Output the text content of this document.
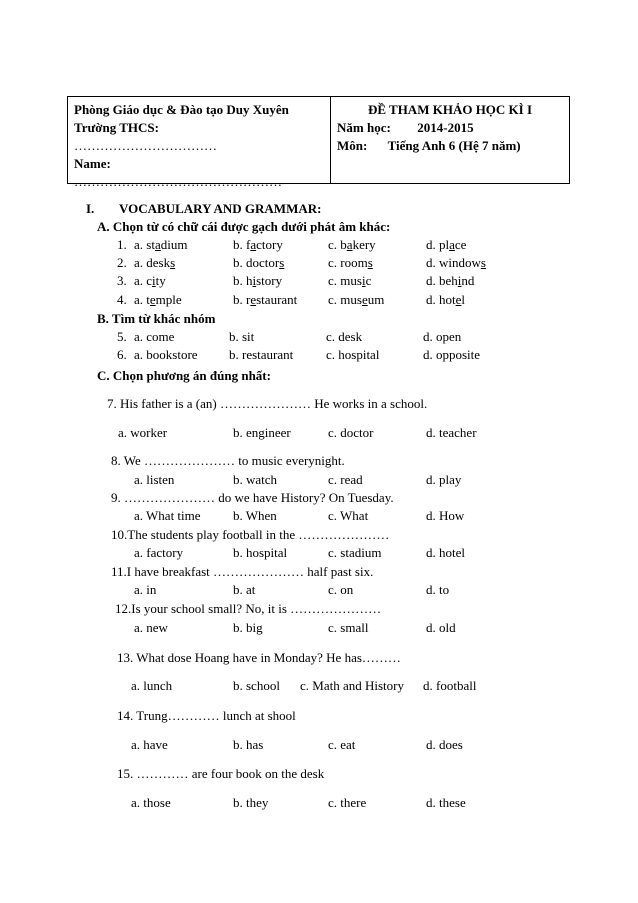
Phòng Giáo dục & Đào tạo Duy Xuyên
Trường THCS:
……………………………
Name:
…………………………………………
ĐỀ THAM KHẢO HỌC KÌ I
Năm học: 2014-2015
Môn: Tiếng Anh 6 (Hệ 7 năm)
I. VOCABULARY AND GRAMMAR:
A. Chọn từ có chữ cái được gạch dưới phát âm khác:
1. a. stadium	b. factory	c. bakery	d. place
2. a. desks	b. doctors	c. rooms	d. windows
3. a. city	b. history	c. music	d. behind
4. a. temple	b. restaurant c. museum	d. hotel
B. Tìm từ khác nhóm
5. a. come	b. sit	c. desk	d. open
6. a. bookstore b. restaurant	c. hospital	d. opposite
C. Chọn phương án đúng nhất:
7. His father is a (an) ………………… He works in a school.
a. worker	b. engineer	c. doctor	d. teacher
8. We ………………… to music everynight.
a. listen	b. watch	c. read	d. play
9. ………………… do we have History? On Tuesday.
a. What time b. When	c. What	d. How
10.The students play football in the …………………
a. factory	b. hospital	c. stadium	d. hotel
11.I have breakfast ………………… half past six.
a. in	b. at	c. on	d. to
12.Is your school small? No, it is …………………
a. new	b. big	c. small	d. old
13. What dose Hoang have in Monday? He has………
a. lunch	b. school c. Math and History d. football
14. Trung………… lunch at shool
a. have	b. has	c. eat	d. does
15. ………… are four book on the desk
a. those	b. they	c. there	d. these
